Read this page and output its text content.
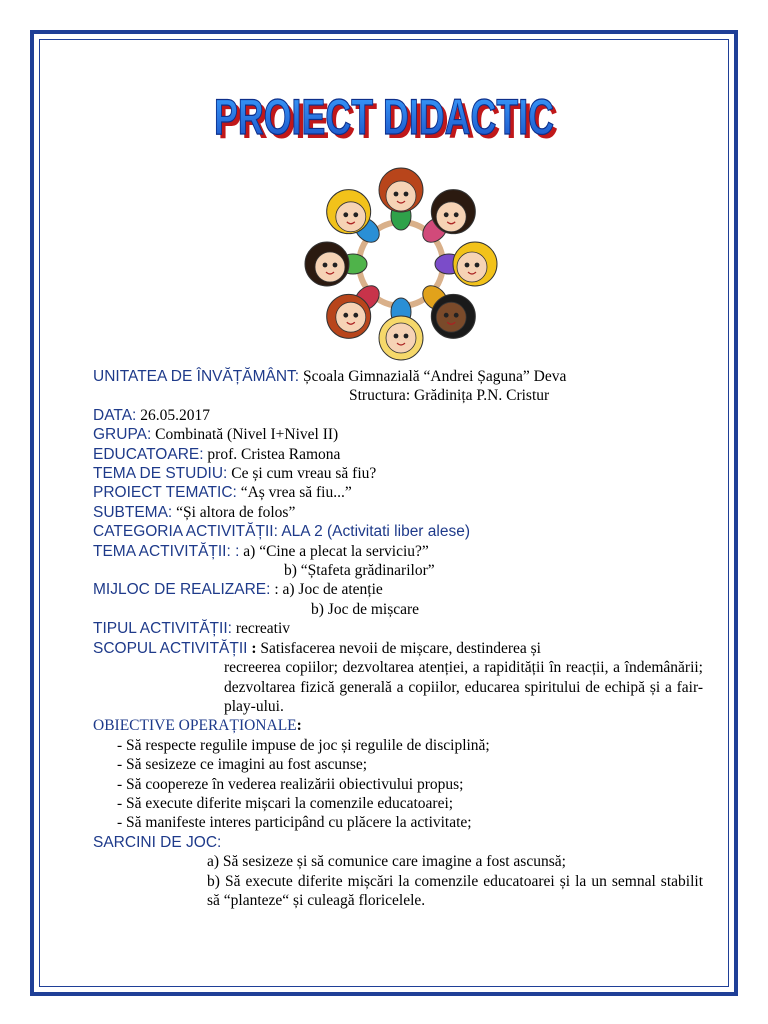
PROIECT DIDACTIC
PROIECT DIDACTIC
UNITATEA DE ÎNVĂȚĂMÂNT: Școala Gimnazială “Andrei Șaguna” Deva
Structura: Grădinița P.N. Cristur
DATA: 26.05.2017
GRUPA: Combinată (Nivel I+Nivel II)
EDUCATOARE: prof. Cristea Ramona
TEMA DE STUDIU: Ce și cum vreau să fiu?
PROIECT TEMATIC: “Aș vrea să fiu...”
SUBTEMA: “Și altora de folos”
CATEGORIA ACTIVITĂȚII: ALA 2 (Activitati liber alese)
TEMA ACTIVITĂȚII: : a) “Cine a plecat la serviciu?”
b) “Ștafeta grădinarilor”
MIJLOC DE REALIZARE: : a) Joc de atenție
b) Joc de mișcare
TIPUL ACTIVITĂȚII: recreativ
SCOPUL ACTIVITĂȚII : Satisfacerea nevoii de mișcare, destinderea și
recreerea copiilor; dezvoltarea atenției, a rapidității în reacții, a îndemânării; dezvoltarea fizică generală a copiilor, educarea spiritului de echipă și a fair-play-ului.
OBIECTIVE OPERAȚIONALE:
- Să respecte regulile impuse de joc și regulile de disciplină;
- Să sesizeze ce imagini au fost ascunse;
- Să coopereze în vederea realizării obiectivului propus;
- Să execute diferite mișcari la comenzile educatoarei;
- Să manifeste interes participând cu plăcere la activitate;
SARCINI DE JOC:
a) Să sesizeze și să comunice care imagine a fost ascunsă;
b) Să execute diferite mișcări la comenzile educatoarei și la un semnal stabilit să “planteze“ și culeagă floricelele.
